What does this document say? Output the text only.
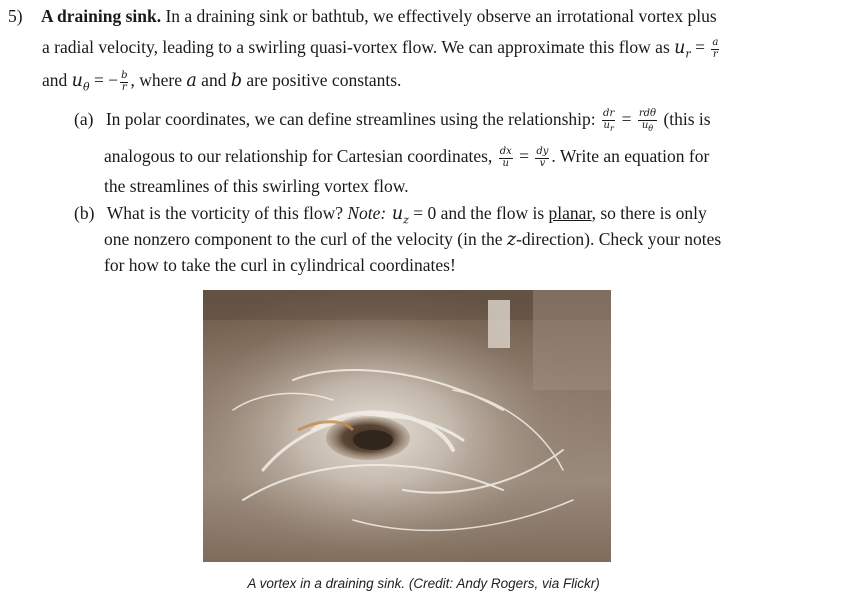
5) A draining sink. In a draining sink or bathtub, we effectively observe an irrotational vortex plus
a radial velocity, leading to a swirling quasi-vortex flow. We can approximate this flow as $u_r = \frac{a}{r}$
and $u_\theta$ = − $\frac{b}{r}$ , where a and b are positive constants.
(a) In polar coordinates, we can define streamlines using the relationship: $\frac{dr}{u_r} = \frac{\text{rdθ}}{u_\theta}$ (this is
analogous to our relationship for Cartesian coordinates, $\frac{dx}{u} = \frac{dy}{v}$ . Write an equation for
the streamlines of this swirling vortex flow.
(b) What is the vorticity of this flow? Note: $u_z = 0$ and the flow is planar, so there is only
one nonzero component to the curl of the velocity (in the z-direction). Check your notes
for how to take the curl in cylindrical coordinates!
A vortex in a draining sink. (Credit: Andy Rogers, via Flickr)
